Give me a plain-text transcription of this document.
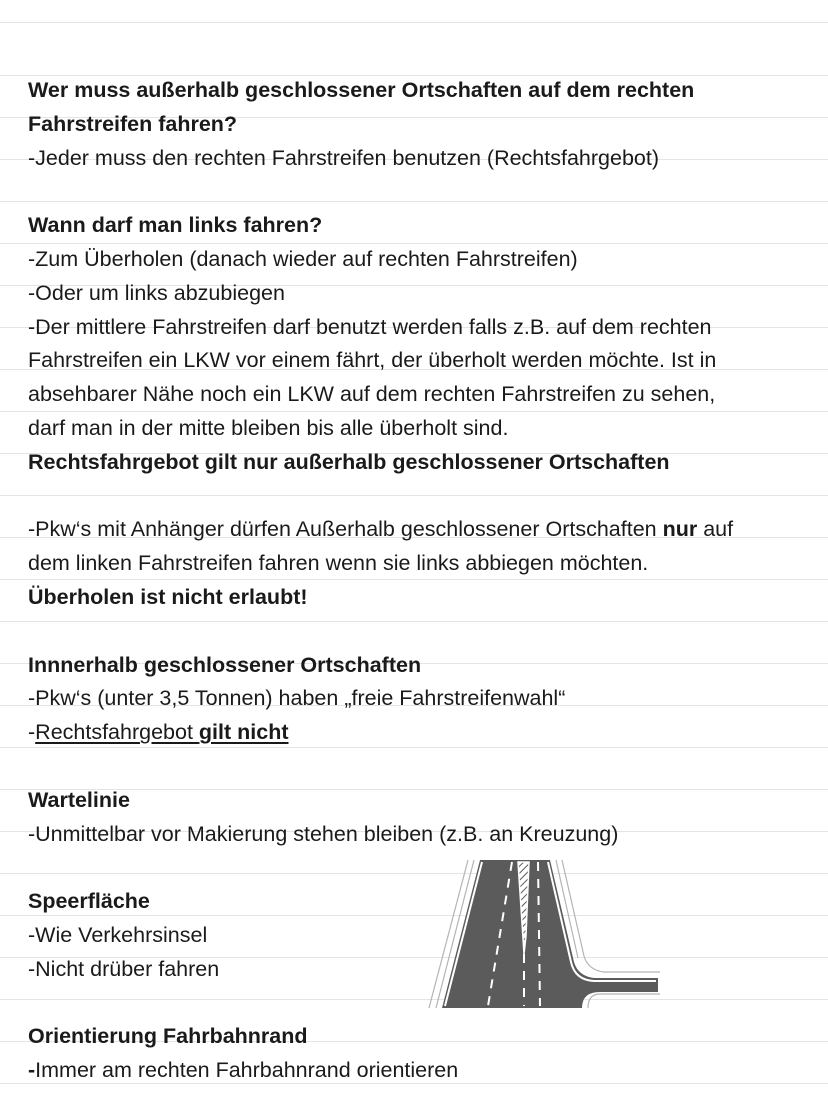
Wer muss außerhalb geschlossener Ortschaften auf dem rechten
Fahrstreifen fahren?
-Jeder muss den rechten Fahrstreifen benutzen (Rechtsfahrgebot)
Wann darf man links fahren?
-Zum Überholen (danach wieder auf rechten Fahrstreifen)
-Oder um links abzubiegen
-Der mittlere Fahrstreifen darf benutzt werden falls z.B. auf dem rechten
Fahrstreifen ein LKW vor einem fährt, der überholt werden möchte. Ist in
absehbarer Nähe noch ein LKW auf dem rechten Fahrstreifen zu sehen,
darf man in der mitte bleiben bis alle überholt sind.
Rechtsfahrgebot gilt nur außerhalb geschlossener Ortschaften
-Pkw‘s mit Anhänger dürfen Außerhalb geschlossener Ortschaften nur auf
dem linken Fahrstreifen fahren wenn sie links abbiegen möchten.
Überholen ist nicht erlaubt!
Innnerhalb geschlossener Ortschaften
-Pkw‘s (unter 3,5 Tonnen) haben „freie Fahrstreifenwahl“
-Rechtsfahrgebot gilt nicht
Wartelinie
-Unmittelbar vor Makierung stehen bleiben (z.B. an Kreuzung)
Speerfläche
-Wie Verkehrsinsel
-Nicht drüber fahren
Orientierung Fahrbahnrand
-Immer am rechten Fahrbahnrand orientieren
